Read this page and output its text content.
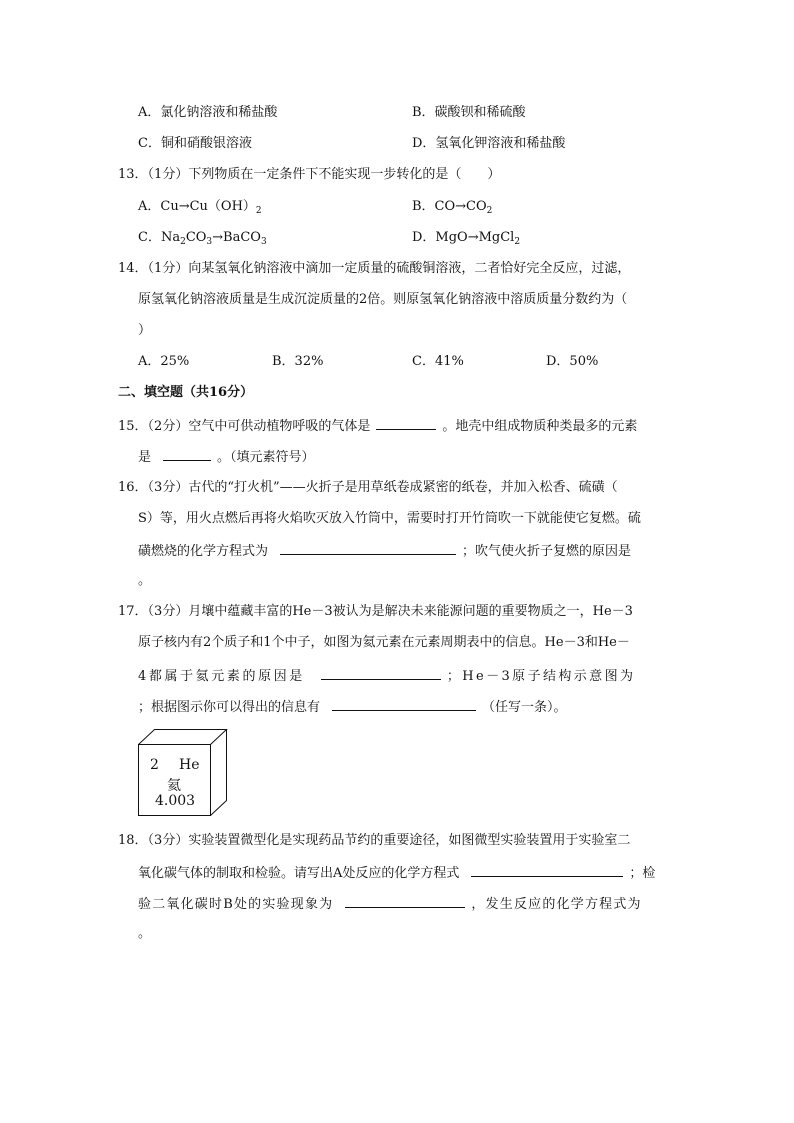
A．氯化钠溶液和稀盐酸	B．碳酸钡和稀硫酸
C．铜和硝酸银溶液	D．氢氧化钾溶液和稀盐酸
13．（1分）下列物质在一定条件下不能实现一步转化的是（　　）
A．$Cu\to Cu(OH)_2$	B．$CO\to CO_2$
C．$Na_2CO_3\to BaCO_3$	D．MgO→MgCl$_2$
14．（1分）向某氢氧化钠溶液中滴加一定质量的硫酸铜溶液，二者恰好完全反应，过滤，
原氢氧化钠溶液质量是生成沉淀质量的2倍。则原氢氧化钠溶液中溶质质量分数约为（
）
A．25%	B．32%	C．41%	D．50%
二、填空题（共16分）
15．（2分）空气中可供动植物呼吸的气体是	。地壳中组成物质种类最多的元素
是	。（填元素符号）
16．（3分）古代的“打火机”——火折子是用草纸卷成紧密的纸卷，并加入松香、硫磺（
S）等，用火点燃后再将火焰吹灭放入竹筒中，需要时打开竹筒吹一下就能使它复燃。硫
磺燃烧的化学方程式为	；吹气使火折子复燃的原因是
。
17．（3分）月壤中蕴藏丰富的He－3被认为是解决未来能源问题的重要物质之一，He－3
原子核内有2个质子和1个中子，如图为氦元素在元素周期表中的信息。He－3和He－
4都属于氦元素的原因是	；He－3原子结构示意图为
；根据图示你可以得出的信息有	（任写一条）。
2 He
氦
4.003
18．（3分）实验装置微型化是实现药品节约的重要途径，如图微型实验装置用于实验室二
氧化碳气体的制取和检验。请写出A处反应的化学方程式	；检
验二氧化碳时B处的实验现象为	，发生反应的化学方程式为
。
